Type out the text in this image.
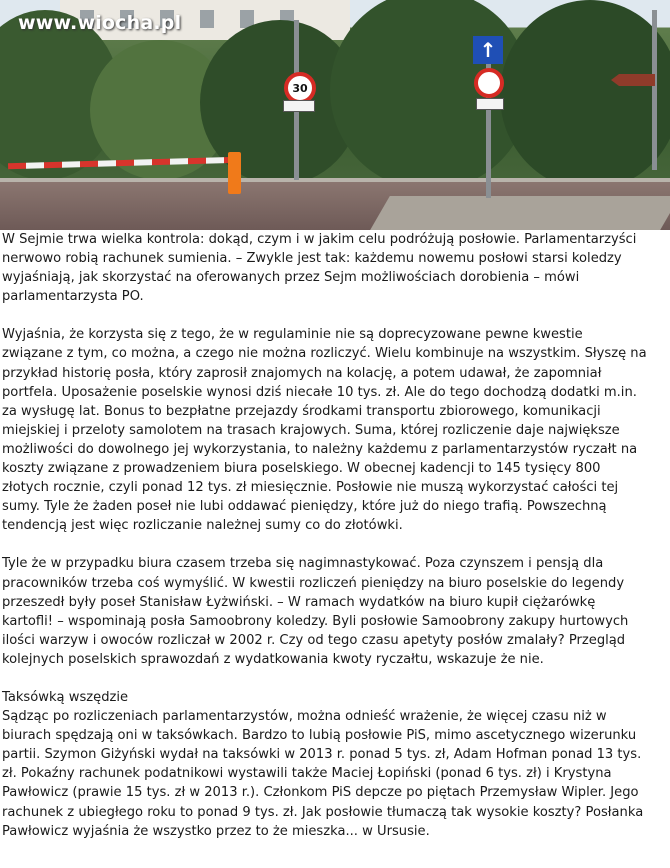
30
↑
www.wiocha.pl

W Sejmie trwa wielka kontrola: dokąd, czym i w jakim celu podróżują posłowie. Parlamentarzyści
nerwowo robią rachunek sumienia. – Zwykle jest tak: każdemu nowemu posłowi starsi koledzy
wyjaśniają, jak skorzystać na oferowanych przez Sejm możliwościach dorobienia – mówi
parlamentarzysta PO.

Wyjaśnia, że korzysta się z tego, że w regulaminie nie są doprecyzowane pewne kwestie
związane z tym, co można, a czego nie można rozliczyć. Wielu kombinuje na wszystkim. Słyszę na
przykład historię posła, który zaprosił znajomych na kolację, a potem udawał, że zapomniał
portfela. Uposażenie poselskie wynosi dziś niecałe 10 tys. zł. Ale do tego dochodzą dodatki m.in.
za wysługę lat. Bonus to bezpłatne przejazdy środkami transportu zbiorowego, komunikacji
miejskiej i przeloty samolotem na trasach krajowych. Suma, której rozliczenie daje największe
możliwości do dowolnego jej wykorzystania, to należny każdemu z parlamentarzystów ryczałt na
koszty związane z prowadzeniem biura poselskiego. W obecnej kadencji to 145 tysięcy 800
złotych rocznie, czyli ponad 12 tys. zł miesięcznie. Posłowie nie muszą wykorzystać całości tej
sumy. Tyle że żaden poseł nie lubi oddawać pieniędzy, które już do niego trafią. Powszechną
tendencją jest więc rozliczanie należnej sumy co do złotówki.

Tyle że w przypadku biura czasem trzeba się nagimnastykować. Poza czynszem i pensją dla
pracowników trzeba coś wymyślić. W kwestii rozliczeń pieniędzy na biuro poselskie do legendy
przeszedł były poseł Stanisław Łyżwiński. – W ramach wydatków na biuro kupił ciężarówkę
kartofli! – wspominają posła Samoobrony koledzy. Byli posłowie Samoobrony zakupy hurtowych
ilości warzyw i owoców rozliczał w 2002 r. Czy od tego czasu apetyty posłów zmalały? Przegląd
kolejnych poselskich sprawozdań z wydatkowania kwoty ryczałtu, wskazuje że nie.

Taksówką wszędzie
Sądząc po rozliczeniach parlamentarzystów, można odnieść wrażenie, że więcej czasu niż w
biurach spędzają oni w taksówkach. Bardzo to lubią posłowie PiS, mimo ascetycznego wizerunku
partii. Szymon Giżyński wydał na taksówki w 2013 r. ponad 5 tys. zł, Adam Hofman ponad 13 tys.
zł. Pokaźny rachunek podatnikowi wystawili także Maciej Łopiński (ponad 6 tys. zł) i Krystyna
Pawłowicz (prawie 15 tys. zł w 2013 r.). Członkom PiS depcze po piętach Przemysław Wipler. Jego
rachunek z ubiegłego roku to ponad 9 tys. zł. Jak posłowie tłumaczą tak wysokie koszty? Posłanka
Pawłowicz wyjaśnia że wszystko przez to że mieszka... w Ursusie.
